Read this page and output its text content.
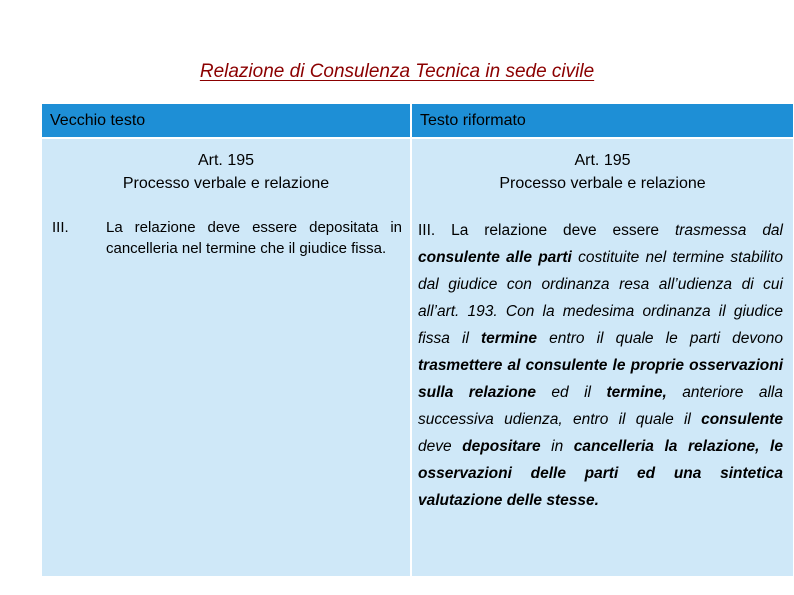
Relazione di Consulenza Tecnica in sede civile
Vecchio testo	Testo riformato
Art. 195
Processo verbale e relazione
III. La relazione deve essere depositata in cancelleria nel termine che il giudice fissa.
Art. 195
Processo verbale e relazione
III. La relazione deve essere trasmessa dal consulente alle parti costituite nel termine stabilito dal giudice con ordinanza resa all’udienza di cui all’art. 193. Con la medesima ordinanza il giudice fissa il termine entro il quale le parti devono trasmettere al consulente le proprie osservazioni sulla relazione ed il termine, anteriore alla successiva udienza, entro il quale il consulente deve depositare in cancelleria la relazione, le osservazioni delle parti ed una sintetica valutazione delle stesse.
